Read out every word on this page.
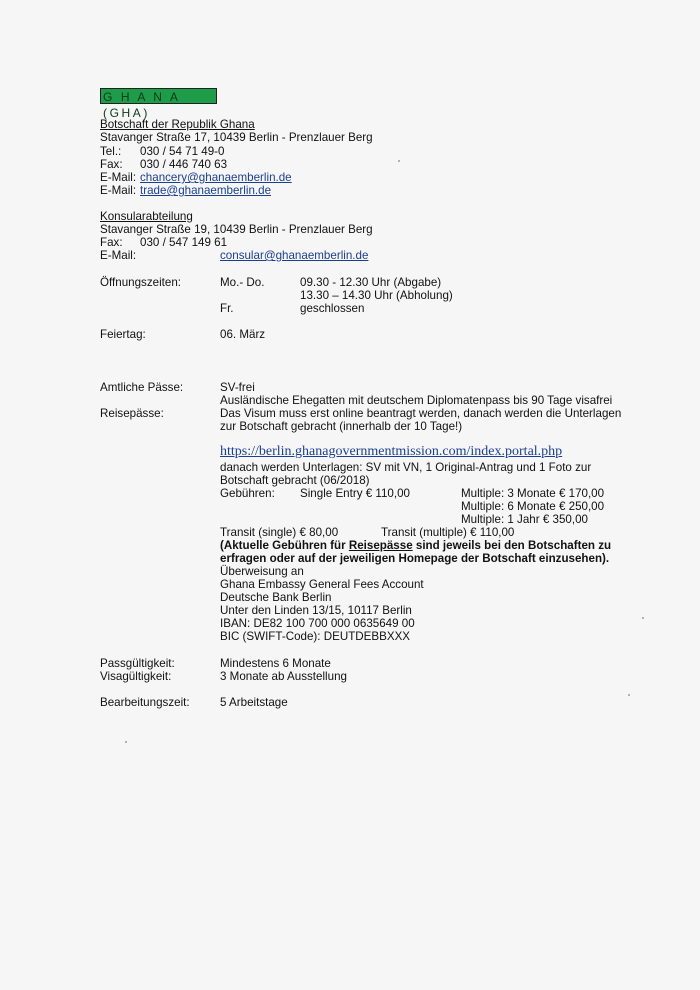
G H A N A (GHA)
Botschaft der Republik Ghana
Stavanger Straße 17, 10439 Berlin - Prenzlauer Berg
Tel.: 030 / 54 71 49-0
Fax: 030 / 446 740 63
E-Mail: chancery@ghanaemberlin.de
E-Mail: trade@ghanaemberlin.de
Konsularabteilung
Stavanger Straße 19, 10439 Berlin - Prenzlauer Berg
Fax: 030 / 547 149 61
E-Mail:	consular@ghanaemberlin.de
Öffnungszeiten:	Mo.- Do.	09.30 - 12.30 Uhr (Abgabe)
13.30 – 14.30 Uhr (Abholung)
Fr.	geschlossen
Feiertag:	06. März
Amtliche Pässe:	SV-frei
Ausländische Ehegatten mit deutschem Diplomatenpass bis 90 Tage visafrei
Reisepässe:	Das Visum muss erst online beantragt werden, danach werden die Unterlagen
zur Botschaft gebracht (innerhalb der 10 Tage!)
https://berlin.ghanagovernmentmission.com/index.portal.php
danach werden Unterlagen: SV mit VN, 1 Original-Antrag und 1 Foto zur
Botschaft gebracht (06/2018)
Gebühren: Single Entry € 110,00	Multiple: 3 Monate € 170,00
Multiple: 6 Monate € 250,00
Multiple: 1 Jahr € 350,00
Transit (single) € 80,00	Transit (multiple) € 110,00
(Aktuelle Gebühren für Reisepässe sind jeweils bei den Botschaften zu
erfragen oder auf der jeweiligen Homepage der Botschaft einzusehen).
Überweisung an
Ghana Embassy General Fees Account
Deutsche Bank Berlin
Unter den Linden 13/15, 10117 Berlin
IBAN: DE82 100 700 000 0635649 00
BIC (SWIFT-Code): DEUTDEBBXXX
Passgültigkeit:	Mindestens 6 Monate
Visagültigkeit:	3 Monate ab Ausstellung
Bearbeitungszeit:	5 Arbeitstage
